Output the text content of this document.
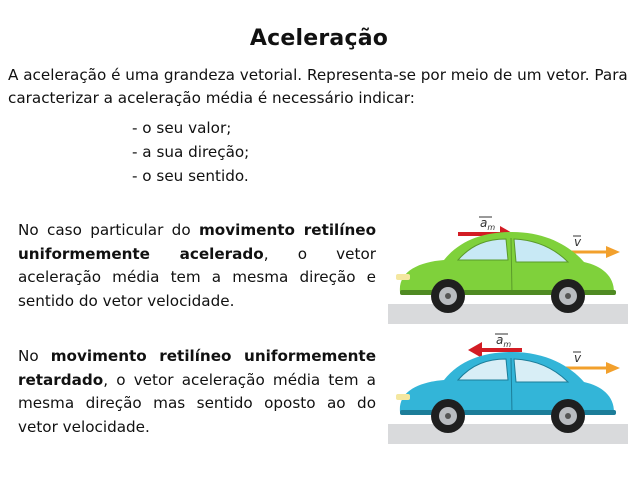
Aceleração
A aceleração é uma grandeza vetorial. Representa-se por meio de um vetor. Para caracterizar a aceleração média é necessário indicar:
- o seu valor;
- a sua direção;
- o seu sentido.
No caso particular do movimento retilíneo uniformemente acelerado, o vetor aceleração média tem a mesma direção e sentido do vetor velocidade.
No movimento retilíneo uniformemente retardado, o vetor aceleração média tem a mesma direção mas sentido oposto ao do vetor velocidade.
$a_m$
v
$a_m$
v
